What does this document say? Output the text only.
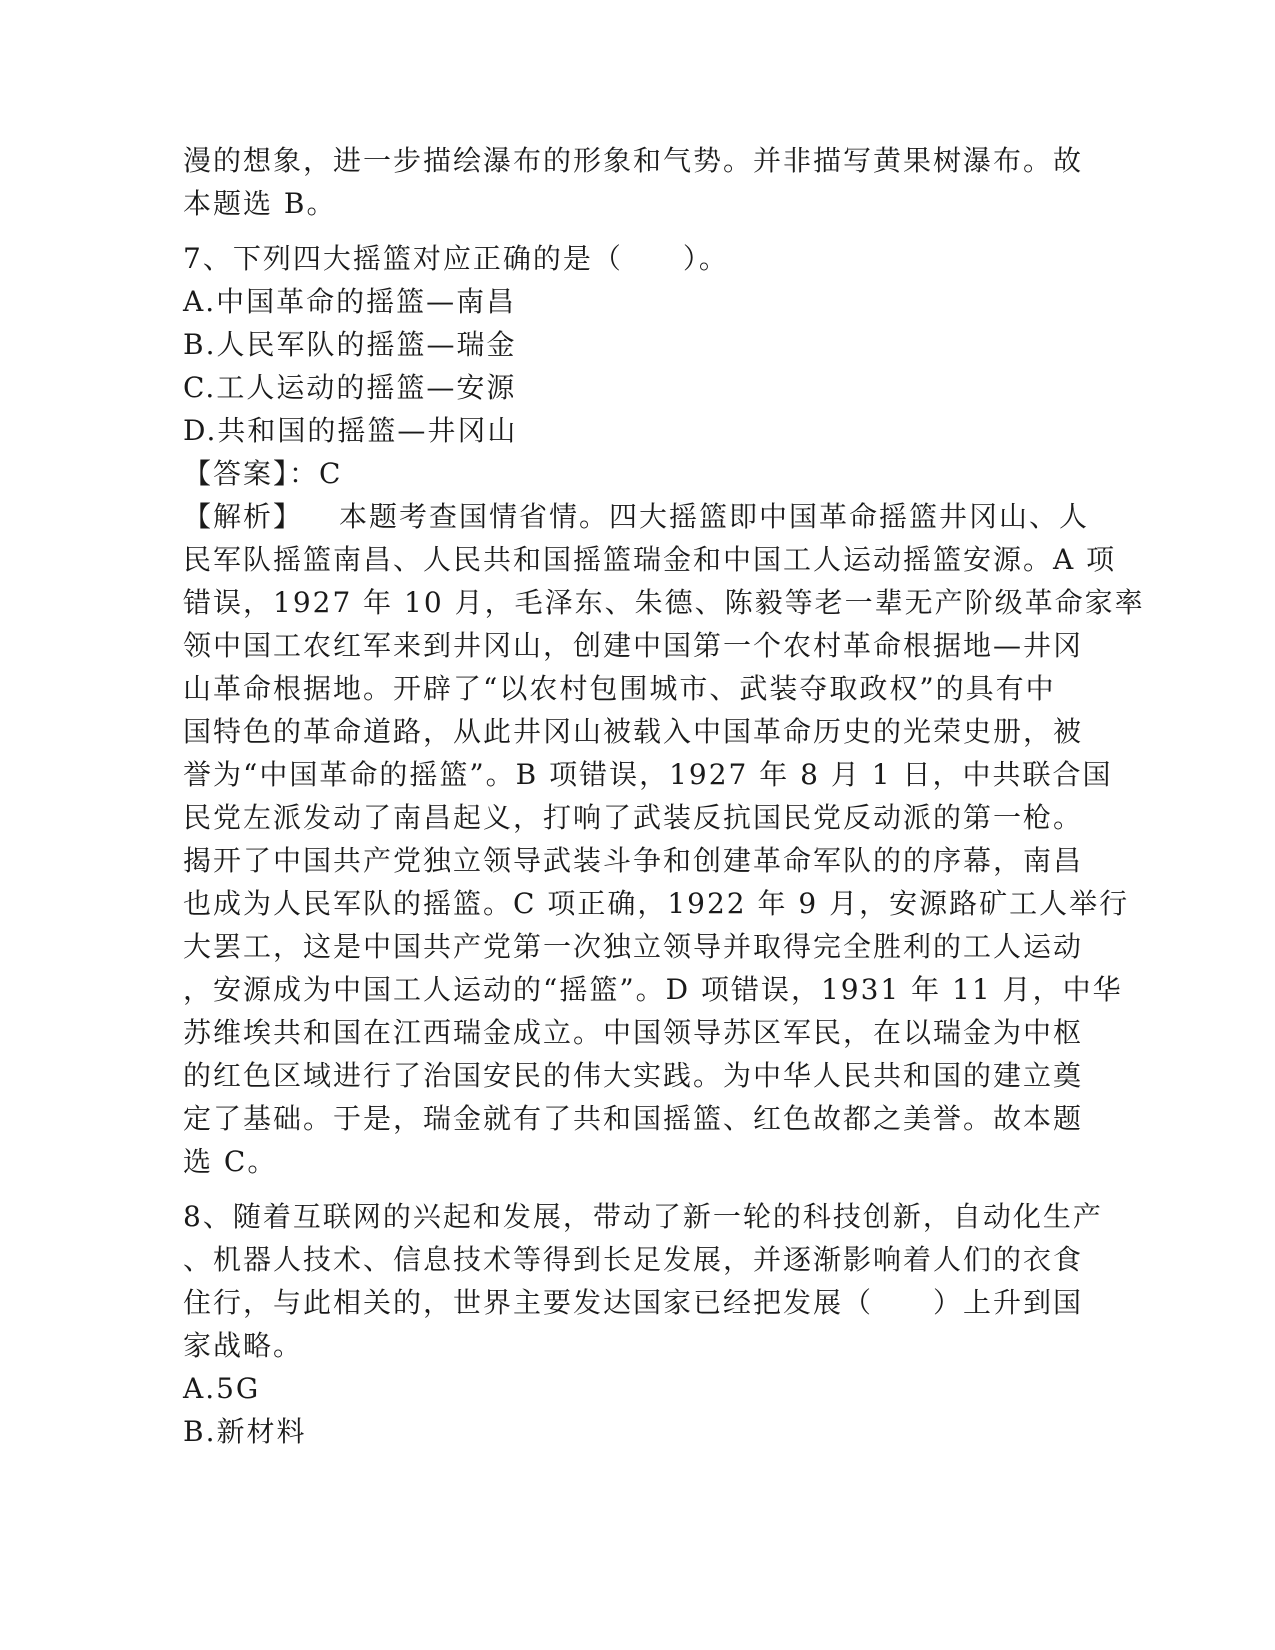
漫的想象，进一步描绘瀑布的形象和气势。并非描写黄果树瀑布。故
本题选 B。
7、下列四大摇篮对应正确的是（　　）。
A.中国革命的摇篮—南昌
B.人民军队的摇篮—瑞金
C.工人运动的摇篮—安源
D.共和国的摇篮—井冈山
【答案】：C
【解析】 本题考查国情省情。四大摇篮即中国革命摇篮井冈山、人
民军队摇篮南昌、人民共和国摇篮瑞金和中国工人运动摇篮安源。A 项
错误，1927 年 10 月，毛泽东、朱德、陈毅等老一辈无产阶级革命家率
领中国工农红军来到井冈山，创建中国第一个农村革命根据地—井冈
山革命根据地。开辟了“以农村包围城市、武装夺取政权”的具有中
国特色的革命道路，从此井冈山被载入中国革命历史的光荣史册，被
誉为“中国革命的摇篮”。B 项错误，1927 年 8 月 1 日，中共联合国
民党左派发动了南昌起义，打响了武装反抗国民党反动派的第一枪。
揭开了中国共产党独立领导武装斗争和创建革命军队的的序幕，南昌
也成为人民军队的摇篮。C 项正确，1922 年 9 月，安源路矿工人举行
大罢工，这是中国共产党第一次独立领导并取得完全胜利的工人运动
，安源成为中国工人运动的“摇篮”。D 项错误，1931 年 11 月，中华
苏维埃共和国在江西瑞金成立。中国领导苏区军民，在以瑞金为中枢
的红色区域进行了治国安民的伟大实践。为中华人民共和国的建立奠
定了基础。于是，瑞金就有了共和国摇篮、红色故都之美誉。故本题
选 C。
8、随着互联网的兴起和发展，带动了新一轮的科技创新，自动化生产
、机器人技术、信息技术等得到长足发展，并逐渐影响着人们的衣食
住行，与此相关的，世界主要发达国家已经把发展（　　）上升到国
家战略。
A.5G
B.新材料
